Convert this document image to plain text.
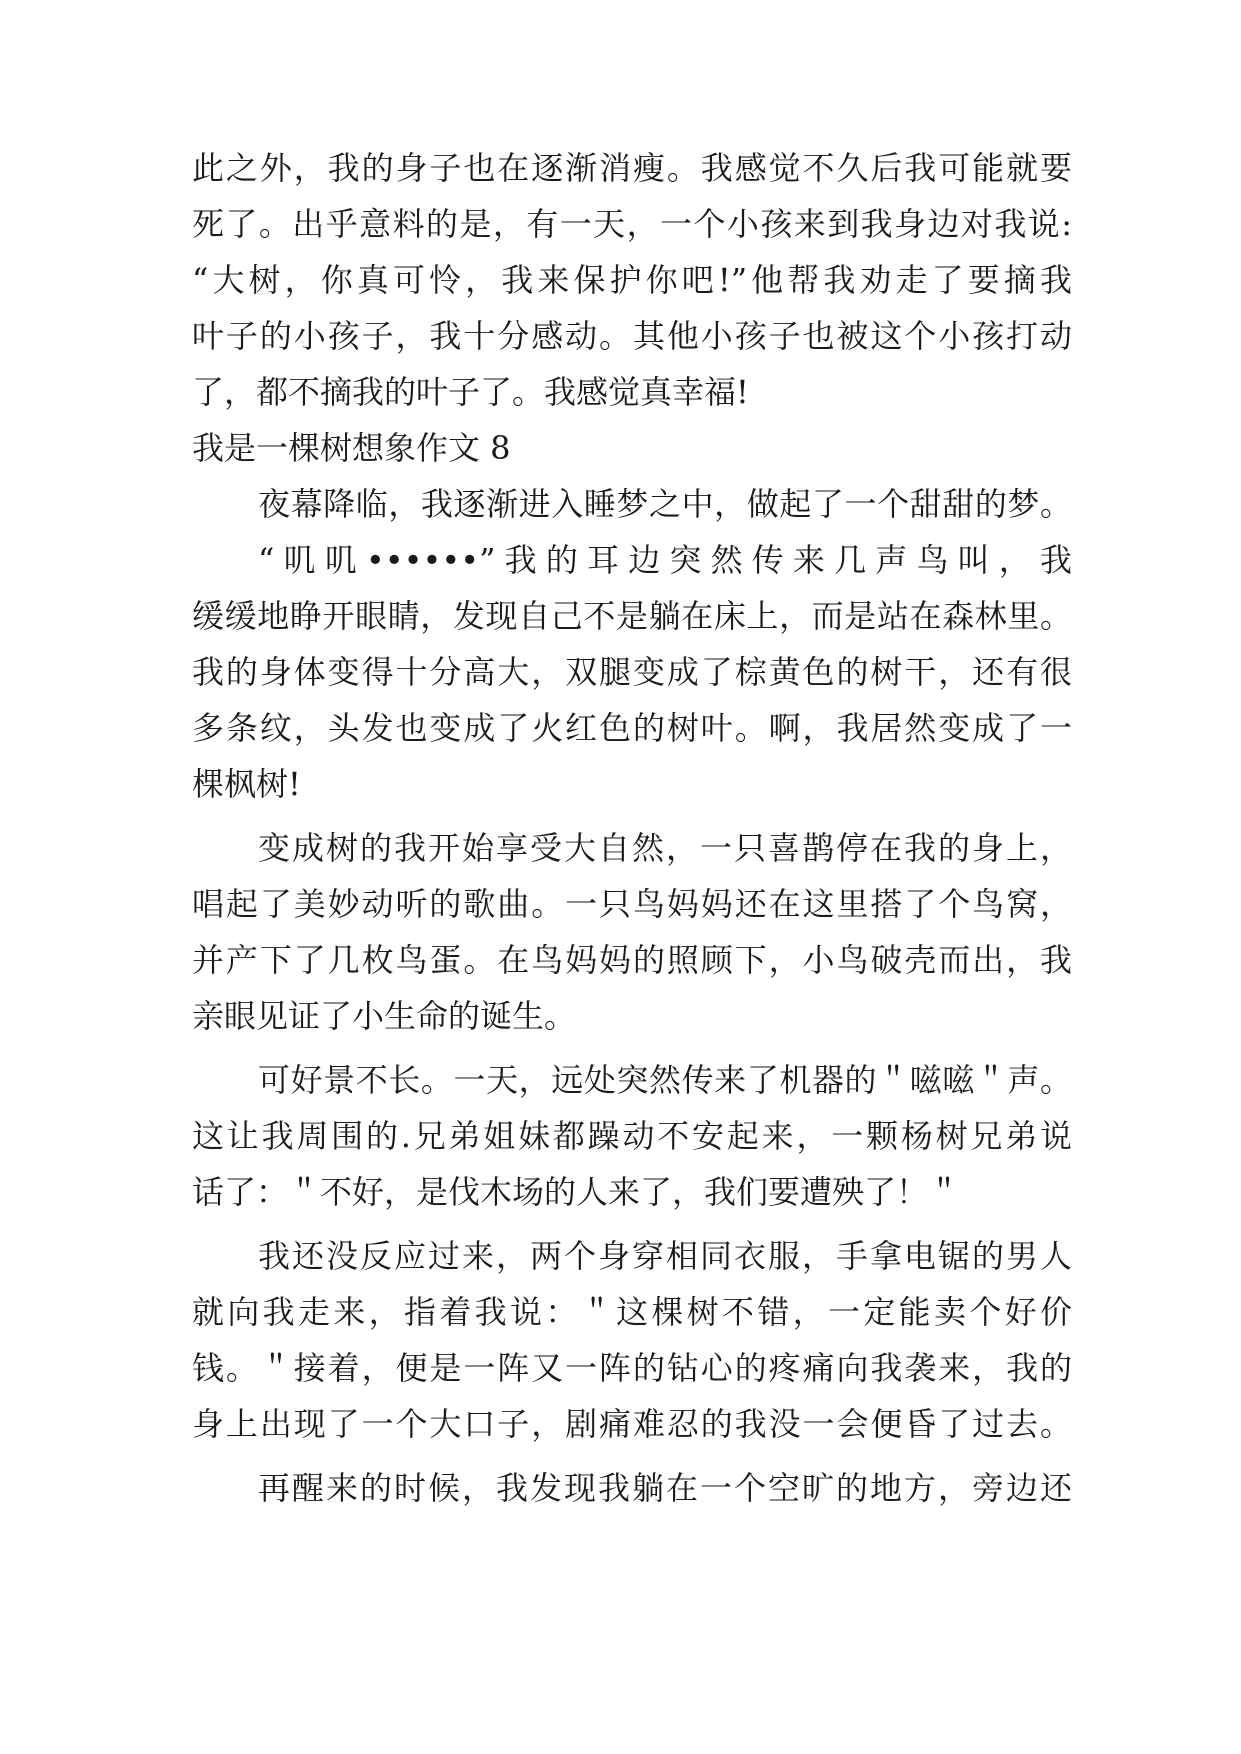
此之外，我的身子也在逐渐消瘦。我感觉不久后我可能就要
死了。出乎意料的是，有一天，一个小孩来到我身边对我说:
“大树，你真可怜，我来保护你吧!”他帮我劝走了要摘我
叶子的小孩子，我十分感动。其他小孩子也被这个小孩打动
了，都不摘我的叶子了。我感觉真幸福!
我是一棵树想象作文 8
夜幕降临，我逐渐进入睡梦之中，做起了一个甜甜的梦。
“叽叽••••••”我的耳边突然传来几声鸟叫，我
缓缓地睁开眼睛，发现自己不是躺在床上，而是站在森林里。
我的身体变得十分高大，双腿变成了棕黄色的树干，还有很
多条纹，头发也变成了火红色的树叶。啊，我居然变成了一
棵枫树!
变成树的我开始享受大自然，一只喜鹊停在我的身上，
唱起了美妙动听的歌曲。一只鸟妈妈还在这里搭了个鸟窝，
并产下了几枚鸟蛋。在鸟妈妈的照顾下，小鸟破壳而出，我
亲眼见证了小生命的诞生。
可好景不长。一天，远处突然传来了机器的＂嗞嗞＂声。
这让我周围的.兄弟姐妹都躁动不安起来，一颗杨树兄弟说
话了：＂不好，是伐木场的人来了，我们要遭殃了！＂
我还没反应过来，两个身穿相同衣服，手拿电锯的男人
就向我走来，指着我说：＂这棵树不错，一定能卖个好价
钱。＂接着，便是一阵又一阵的钻心的疼痛向我袭来，我的
身上出现了一个大口子，剧痛难忍的我没一会便昏了过去。
再醒来的时候，我发现我躺在一个空旷的地方，旁边还
